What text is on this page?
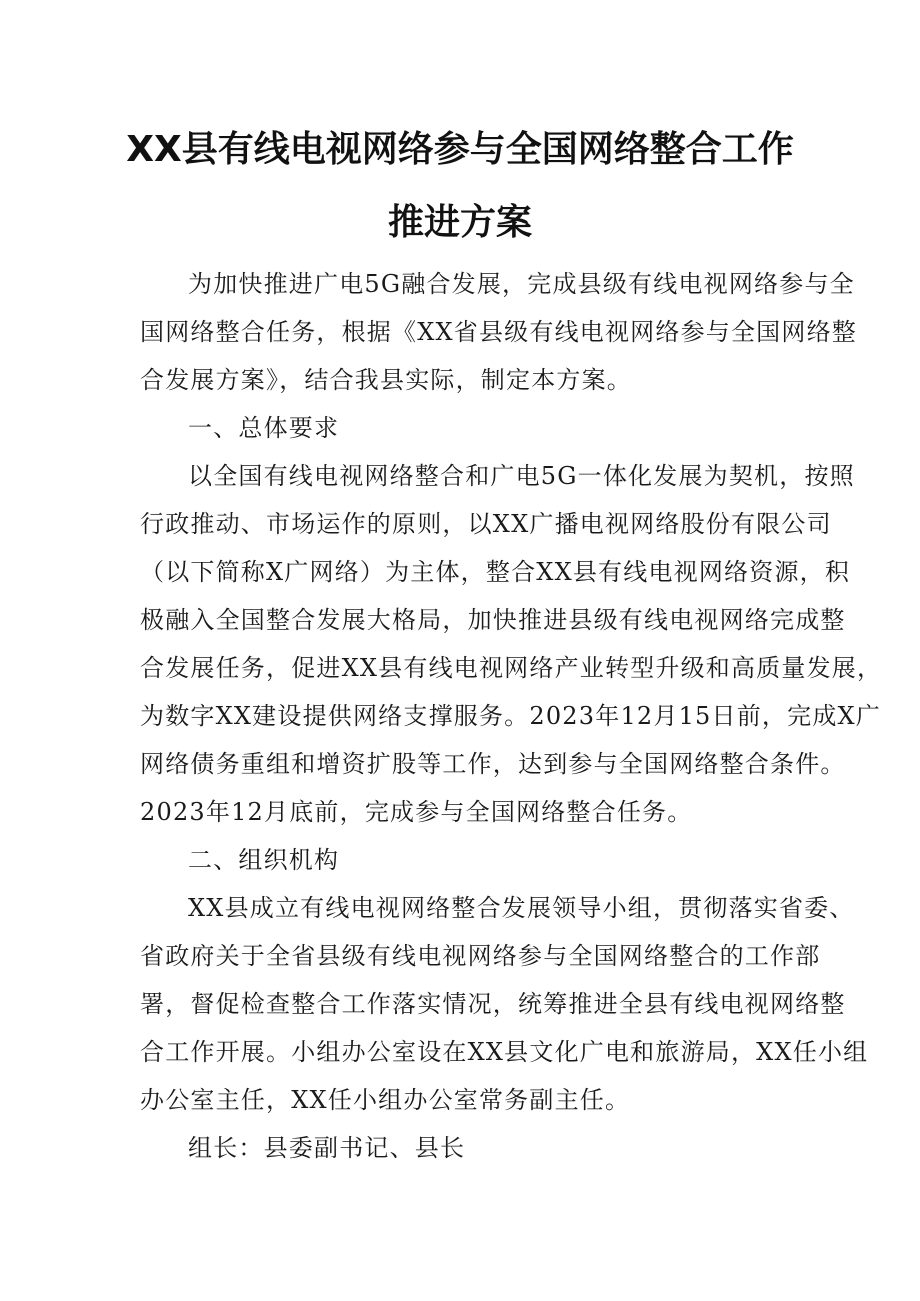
XX县有线电视网络参与全国网络整合工作
推进方案
为加快推进广电5G融合发展，完成县级有线电视网络参与全
国网络整合任务，根据《XX省县级有线电视网络参与全国网络整
合发展方案》，结合我县实际，制定本方案。
一、总体要求
以全国有线电视网络整合和广电5G一体化发展为契机，按照
行政推动、市场运作的原则，以XX广播电视网络股份有限公司
（以下简称X广网络）为主体，整合XX县有线电视网络资源，积
极融入全国整合发展大格局，加快推进县级有线电视网络完成整
合发展任务，促进XX县有线电视网络产业转型升级和高质量发展，
为数字XX建设提供网络支撑服务。2023年12月15日前，完成X广
网络债务重组和增资扩股等工作，达到参与全国网络整合条件。
2023年12月底前，完成参与全国网络整合任务。
二、组织机构
XX县成立有线电视网络整合发展领导小组，贯彻落实省委、
省政府关于全省县级有线电视网络参与全国网络整合的工作部
署，督促检查整合工作落实情况，统筹推进全县有线电视网络整
合工作开展。小组办公室设在XX县文化广电和旅游局，XX任小组
办公室主任，XX任小组办公室常务副主任。
组长：县委副书记、县长
